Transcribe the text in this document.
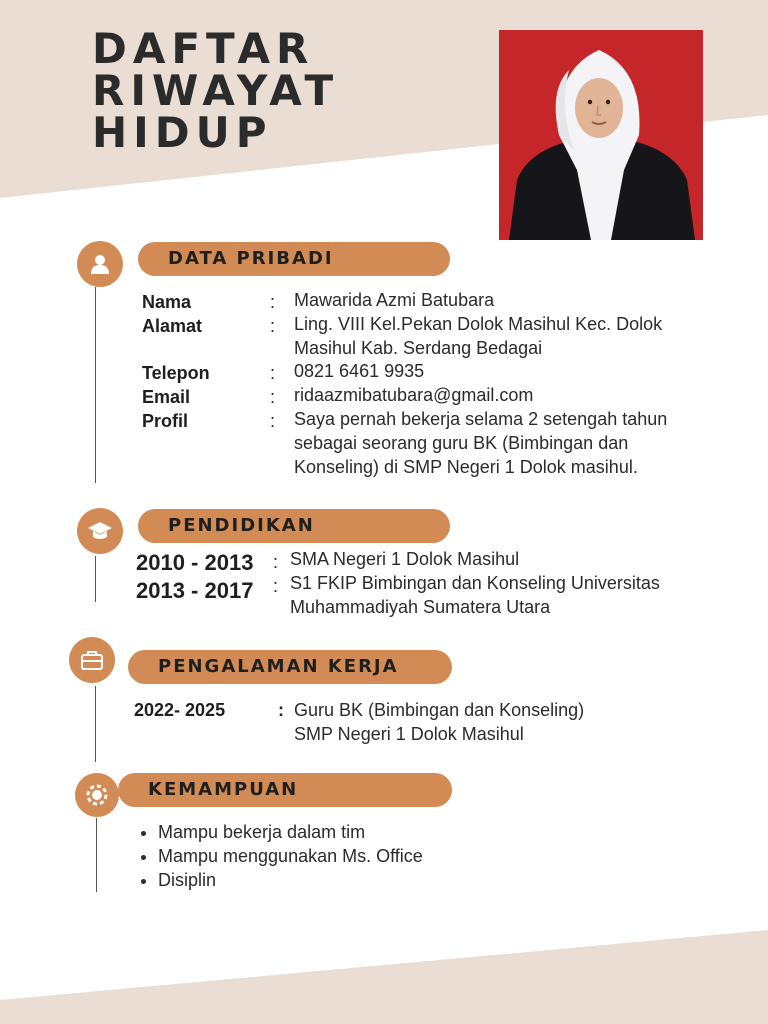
DAFTAR
RIWAYAT
HIDUP
DATA PRIBADI
Nama	: Mawarida Azmi Batubara
Alamat	: Ling. VIII Kel.Pekan Dolok Masihul Kec. Dolok
Masihul Kab. Serdang Bedagai
Telepon	: 0821 6461 9935
Email	: ridaazmibatubara@gmail.com
Profil	: Saya pernah bekerja selama 2 setengah tahun
sebagai seorang guru BK (Bimbingan dan
Konseling) di SMP Negeri 1 Dolok masihul.
PENDIDIKAN
2010 - 2013 : SMA Negeri 1 Dolok Masihul
2013 - 2017 : S1 FKIP Bimbingan dan Konseling Universitas
Muhammadiyah Sumatera Utara
PENGALAMAN KERJA
2022- 2025	: Guru BK (Bimbingan dan Konseling)
SMP Negeri 1 Dolok Masihul
KEMAMPUAN
• Mampu bekerja dalam tim
• Mampu menggunakan Ms. Office
• Disiplin
